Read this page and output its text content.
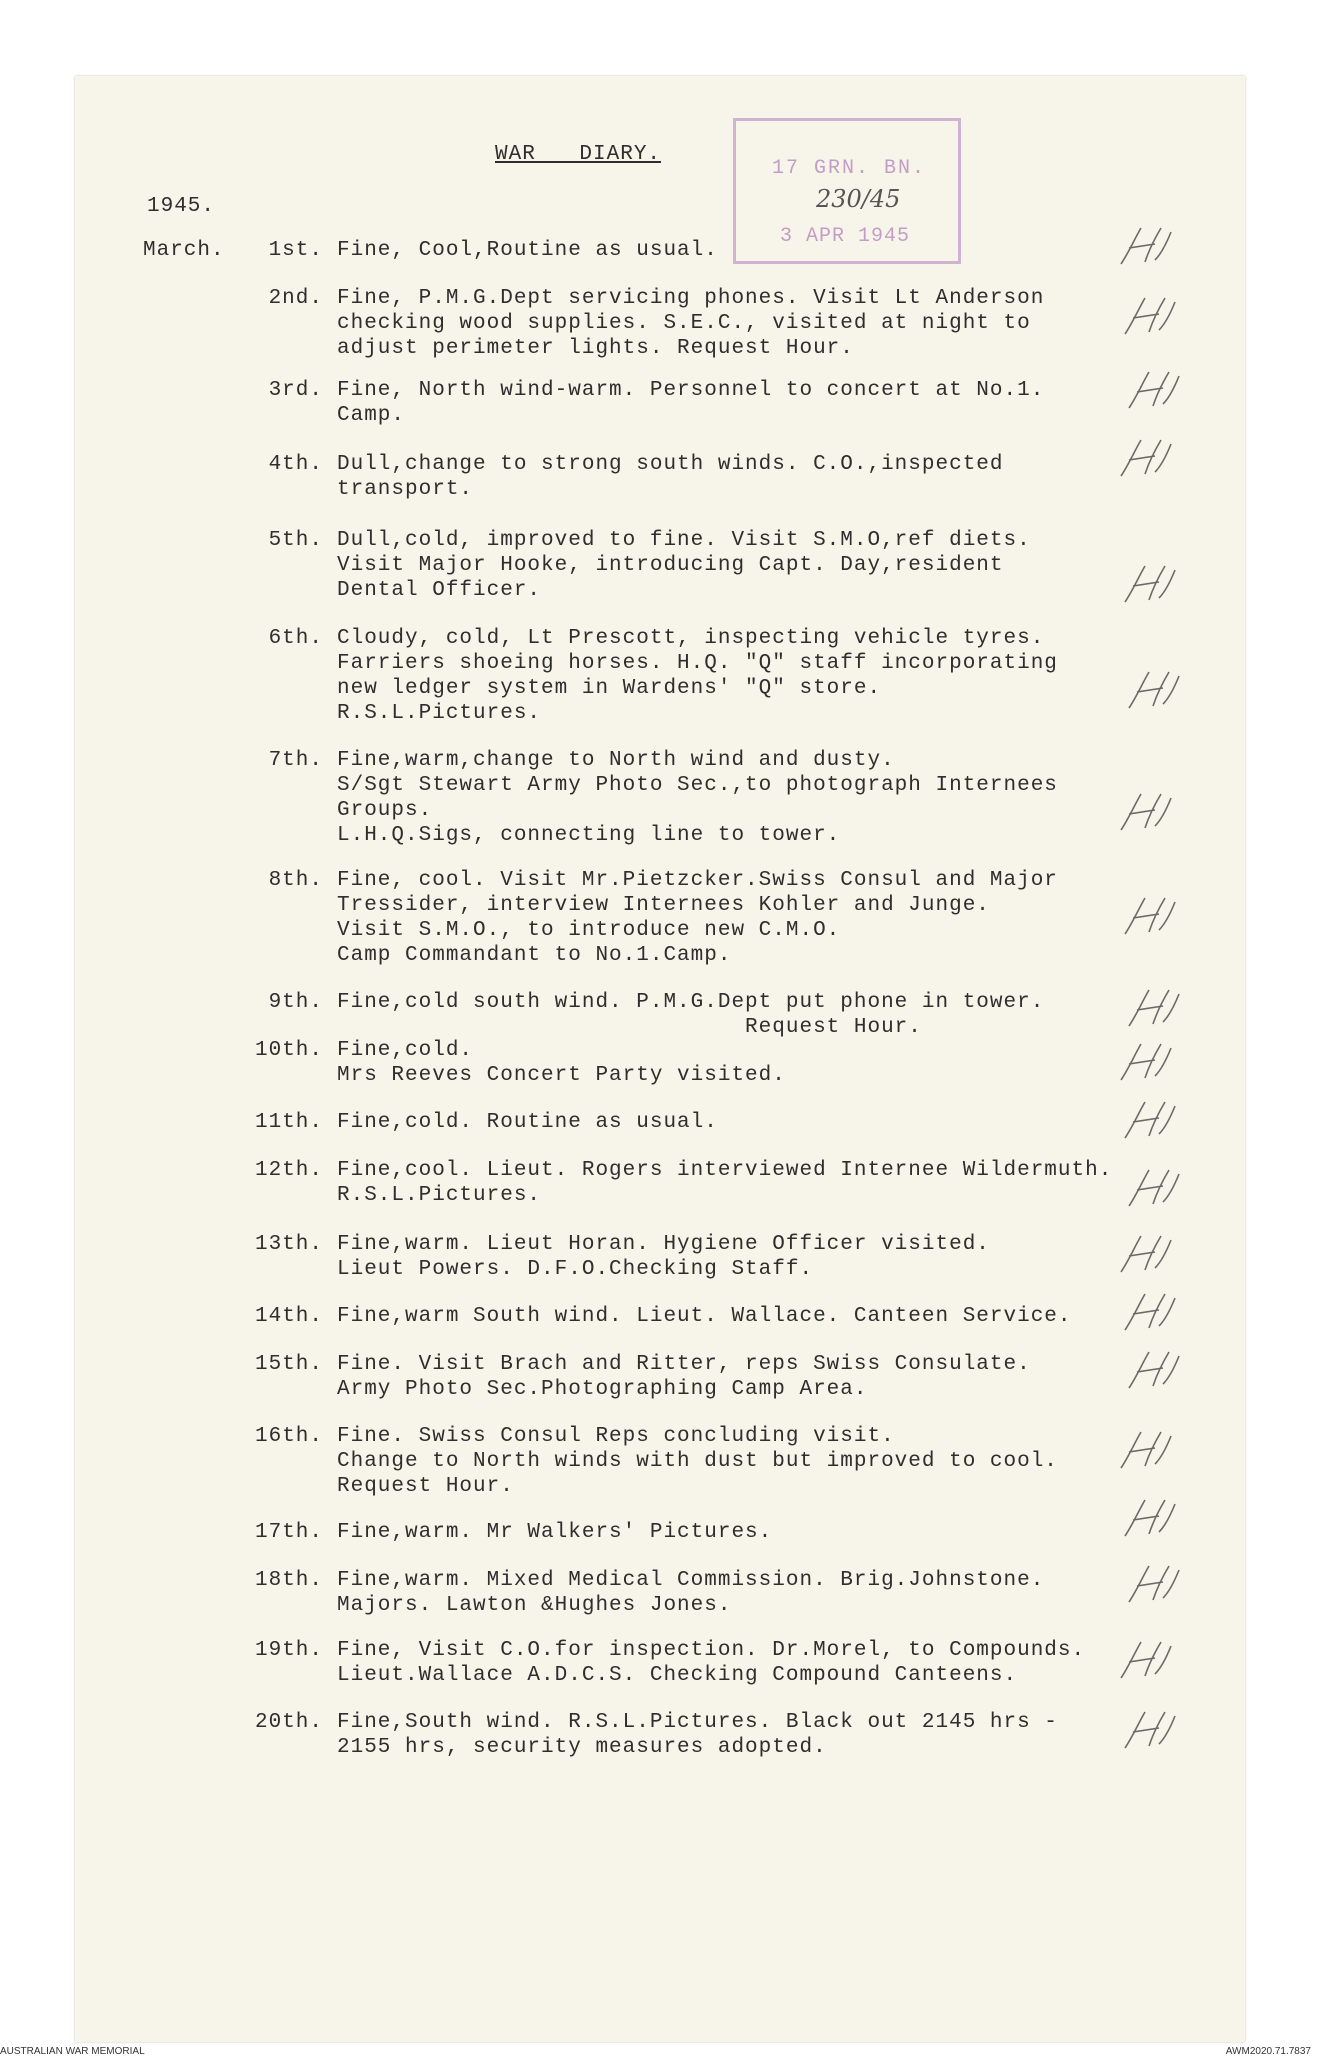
WAR DIARY.
17 GRN. BN.
230/45
3 APR 1945
1945.
March.	1st. Fine, Cool,Routine as usual.
2nd. Fine, P.M.G.Dept servicing phones. Visit Lt Anderson
checking wood supplies. S.E.C., visited at night to
adjust perimeter lights. Request Hour.
3rd. Fine, North wind-warm. Personnel to concert at No.1.
Camp.
4th. Dull,change to strong south winds. C.O.,inspected
transport.
5th. Dull,cold, improved to fine. Visit S.M.O,ref diets.
Visit Major Hooke, introducing Capt. Day,resident
Dental Officer.
6th. Cloudy, cold, Lt Prescott, inspecting vehicle tyres.
Farriers shoeing horses. H.Q. "Q" staff incorporating
new ledger system in Wardens' "Q" store.
R.S.L.Pictures.
7th. Fine,warm,change to North wind and dusty.
S/Sgt Stewart Army Photo Sec.,to photograph Internees
Groups.
L.H.Q.Sigs, connecting line to tower.
8th. Fine, cool. Visit Mr.Pietzcker.Swiss Consul and Major
Tressider, interview Internees Kohler and Junge.
Visit S.M.O., to introduce new C.M.O.
Camp Commandant to No.1.Camp.
9th. Fine,cold south wind. P.M.G.Dept put phone in tower.
Request Hour.
10th. Fine,cold.
Mrs Reeves Concert Party visited.
11th. Fine,cold. Routine as usual.
12th. Fine,cool. Lieut. Rogers interviewed Internee Wildermuth.
R.S.L.Pictures.
13th. Fine,warm. Lieut Horan. Hygiene Officer visited.
Lieut Powers. D.F.O.Checking Staff.
14th. Fine,warm South wind. Lieut. Wallace. Canteen Service.
15th. Fine. Visit Brach and Ritter, reps Swiss Consulate.
Army Photo Sec.Photographing Camp Area.
16th. Fine. Swiss Consul Reps concluding visit.
Change to North winds with dust but improved to cool.
Request Hour.
17th. Fine,warm. Mr Walkers' Pictures.
18th. Fine,warm. Mixed Medical Commission. Brig.Johnstone.
Majors. Lawton &Hughes Jones.
19th. Fine, Visit C.O.for inspection. Dr.Morel, to Compounds.
Lieut.Wallace A.D.C.S. Checking Compound Canteens.
20th. Fine,South wind. R.S.L.Pictures. Black out 2145 hrs -
2155 hrs, security measures adopted.
AUSTRALIAN WAR MEMORIAL	AWM2020.71.7837
